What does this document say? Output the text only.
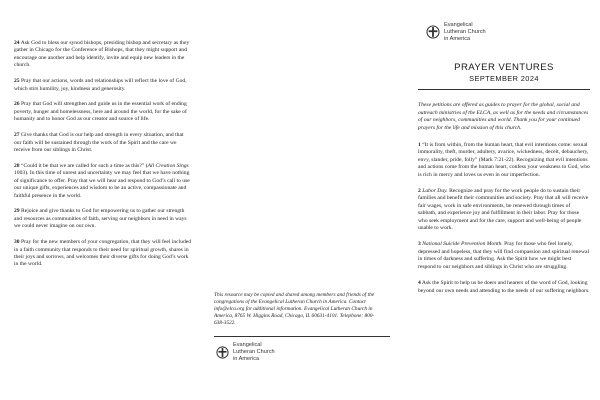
24 Ask God to bless our synod bishops, presiding bishop and secretary as they gather in Chicago for the Conference of Bishops, that they might support and encourage one another and help identify, invite and equip new leaders in the church.

25 Pray that our actions, words and relationships will reflect the love of God, which stirs humility, joy, kindness and generosity.

26 Pray that God will strengthen and guide us in the essential work of ending poverty, hunger and homelessness, here and around the world, for the sake of humanity and to honor God as our creator and source of life.

27 Give thanks that God is our help and strength in every situation, and that our faith will be sustained through the work of the Spirit and the care we receive from our siblings in Christ.

28 “Could it be that we are called for such a time as this?” (All Creation Sings 1003). In this time of unrest and uncertainty we may feel that we have nothing of significance to offer. Pray that we will hear and respond to God’s call to use our unique gifts, experiences and wisdom to be an active, compassionate and faithful presence in the world.

29 Rejoice and give thanks to God for empowering us to gather our strength and resources as communities of faith, serving our neighbors in need in ways we could never imagine on our own.

30 Pray for the new members of your congregation, that they will feel included in a faith community that responds to their need for spiritual growth, shares in their joys and sorrows, and welcomes their diverse gifts for doing God’s work in the world.

This resource may be copied and shared among members and friends of the congregations of the Evangelical Lutheran Church in America. Contact info@elca.org for additional information. Evangelical Lutheran Church in America, 8765 W. Higgins Road, Chicago, IL 60631-4101. Telephone: 800-638-3522.
Evangelical
Lutheran Church
in America
Evangelical
Lutheran Church
in America
PRAYER VENTURES
SEPTEMBER 2024

These petitions are offered as guides to prayer for the global, social and outreach ministries of the ELCA, as well as for the needs and circumstances of our neighbors, communities and world. Thank you for your continued prayers for the life and mission of this church.

1 “It is from within, from the human heart, that evil intentions come: sexual immorality, theft, murder, adultery, avarice, wickedness, deceit, debauchery, envy, slander, pride, folly” (Mark 7:21-22). Recognizing that evil intentions and actions come from the human heart, confess your weakness to God, who is rich in mercy and loves us even in our imperfection.

2 Labor Day. Recognize and pray for the work people do to sustain their families and benefit their communities and society. Pray that all will receive fair wages, work in safe environments, be renewed through times of sabbath, and experience joy and fulfillment in their labor. Pray for those who seek employment and for the care, support and well-being of people unable to work.

3 National Suicide Prevention Month. Pray for those who feel lonely, depressed and hopeless, that they will find compassion and spiritual renewal in times of darkness and suffering. Ask the Spirit how we might best respond to our neighbors and siblings in Christ who are struggling.

4 Ask the Spirit to help us be doers and hearers of the word of God, looking beyond our own needs and attending to the needs of our suffering neighbors.
